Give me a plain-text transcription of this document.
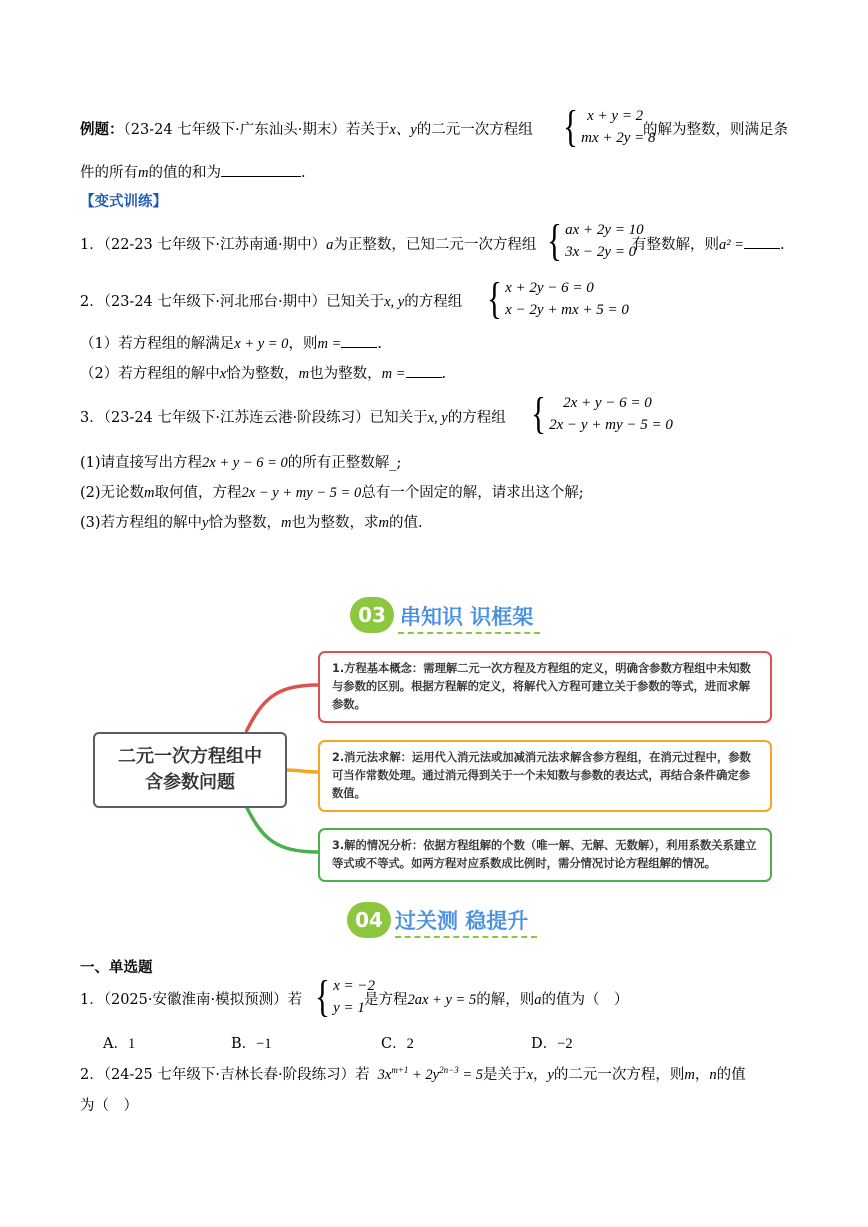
例题：（23-24 七年级下·广东汕头·期末）若关于x、y的二元一次方程组 { x + y = 2
mx + 2y = 8
的解为整数，则满足条
件的所有m的值的和为	.
【变式训练】
1．（22-23 七年级下·江苏南通·期中）a为正整数，已知二元一次方程组 { ax + 2y = 10
3x − 2y = 0
有整数解，则a² = .
2．（23-24 七年级下·河北邢台·期中）已知关于x, y的方程组 { x + 2y − 6 = 0
x − 2y + mx + 5 = 0
（1）若方程组的解满足x + y = 0，则m = .
（2）若方程组的解中x恰为整数，m也为整数，m = .
3．（23-24 七年级下·江苏连云港·阶段练习）已知关于x, y的方程组 {	2x + y − 6 = 0
2x − y + my − 5 = 0
(1)请直接写出方程2x + y − 6 = 0的所有正整数解_;
(2)无论数m取何值，方程2x − y + my − 5 = 0总有一个固定的解，请求出这个解;
(3)若方程组的解中y恰为整数，m也为整数，求m的值.
03 串知识 识框架
二元一次方程组中
含参数问题
1.方程基本概念：需理解二元一次方程及方程组的定义，明确含参数方程组中未知数与参数的区别。根据方程解的定义，将解代入方程可建立关于参数的等式，进而求解参数。
2.消元法求解：运用代入消元法或加减消元法求解含参方程组，在消元过程中，参数可当作常数处理。通过消元得到关于一个未知数与参数的表达式，再结合条件确定参数值。
3.解的情况分析：依据方程组解的个数（唯一解、无解、无数解），利用系数关系建立等式或不等式。如两方程对应系数成比例时，需分情况讨论方程组解的情况。
04 过关测 稳提升
一、单选题
1．（2025·安徽淮南·模拟预测）若 { x = −2
y = 1 是方程2ax + y = 5的解，则a的值为（　）
A．1	B．−1	C．2	D．−2
2．（24-25 七年级下·吉林长春·阶段练习）若 $3x^{m+1} + 2y^{2n-3} = 5$是关于x，y的二元一次方程，则m，n的值
为（　）
